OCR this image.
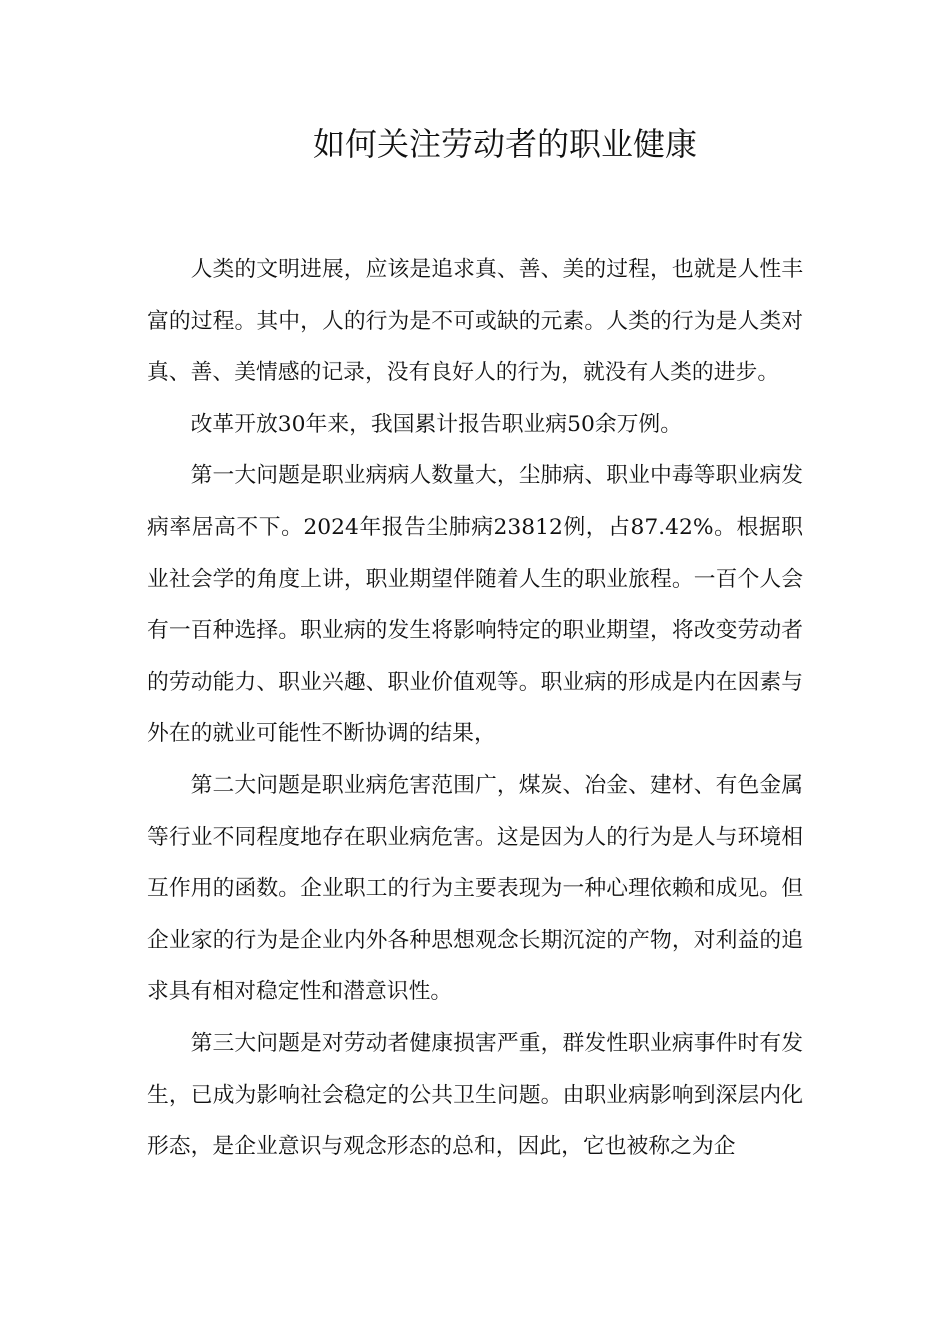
如何关注劳动者的职业健康

人类的文明进展，应该是追求真、善、美的过程，也就是人性丰富的过程。其中，人的行为是不可或缺的元素。人类的行为是人类对真、善、美情感的记录，没有良好人的行为，就没有人类的进步。

改革开放30年来，我国累计报告职业病50余万例。

第一大问题是职业病病人数量大，尘肺病、职业中毒等职业病发病率居高不下。2024年报告尘肺病23812例，占87.42%。根据职业社会学的角度上讲，职业期望伴随着人生的职业旅程。一百个人会有一百种选择。职业病的发生将影响特定的职业期望，将改变劳动者的劳动能力、职业兴趣、职业价值观等。职业病的形成是内在因素与外在的就业可能性不断协调的结果，

第二大问题是职业病危害范围广，煤炭、冶金、建材、有色金属等行业不同程度地存在职业病危害。这是因为人的行为是人与环境相互作用的函数。企业职工的行为主要表现为一种心理依赖和成见。但企业家的行为是企业内外各种思想观念长期沉淀的产物，对利益的追求具有相对稳定性和潜意识性。

第三大问题是对劳动者健康损害严重，群发性职业病事件时有发生，已成为影响社会稳定的公共卫生问题。由职业病影响到深层内化形态，是企业意识与观念形态的总和，因此，它也被称之为企
